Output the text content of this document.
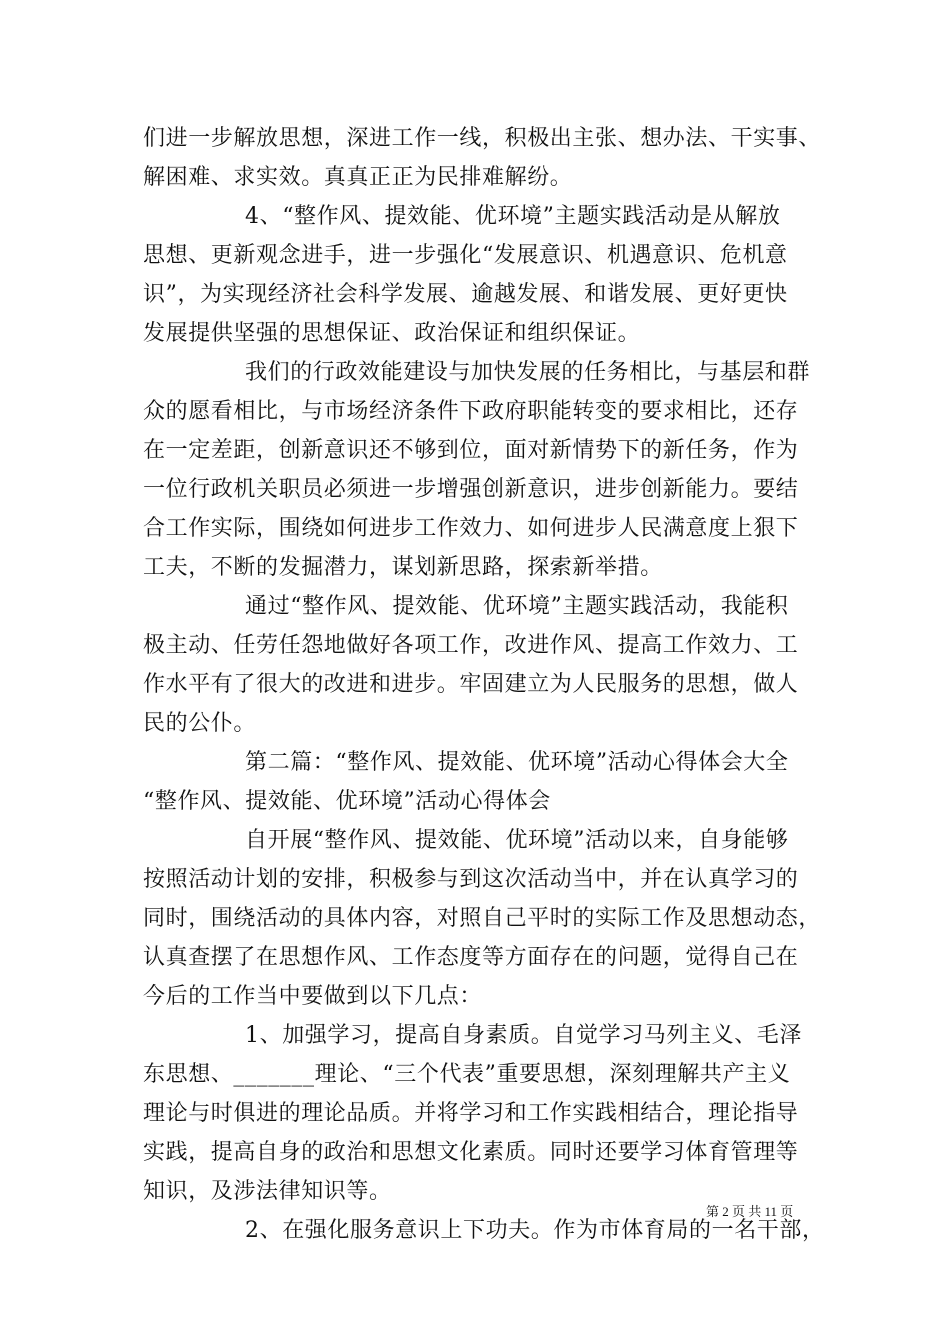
们进一步解放思想，深进工作一线，积极出主张、想办法、干实事、
解困难、求实效。真真正正为民排难解纷。
4、“整作风、提效能、优环境”主题实践活动是从解放
思想、更新观念进手，进一步强化“发展意识、机遇意识、危机意
识”，为实现经济社会科学发展、逾越发展、和谐发展、更好更快
发展提供坚强的思想保证、政治保证和组织保证。
我们的行政效能建设与加快发展的任务相比，与基层和群
众的愿看相比，与市场经济条件下政府职能转变的要求相比，还存
在一定差距，创新意识还不够到位，面对新情势下的新任务，作为
一位行政机关职员必须进一步增强创新意识，进步创新能力。要结
合工作实际，围绕如何进步工作效力、如何进步人民满意度上狠下
工夫，不断的发掘潜力，谋划新思路，探索新举措。
通过“整作风、提效能、优环境”主题实践活动，我能积
极主动、任劳任怨地做好各项工作，改进作风、提高工作效力、工
作水平有了很大的改进和进步。牢固建立为人民服务的思想，做人
民的公仆。
第二篇：“整作风、提效能、优环境”活动心得体会大全
“整作风、提效能、优环境”活动心得体会
自开展“整作风、提效能、优环境”活动以来，自身能够
按照活动计划的安排，积极参与到这次活动当中，并在认真学习的
同时，围绕活动的具体内容，对照自己平时的实际工作及思想动态，
认真查摆了在思想作风、工作态度等方面存在的问题，觉得自己在
今后的工作当中要做到以下几点：
1、加强学习，提高自身素质。自觉学习马列主义、毛泽
东思想、_______理论、“三个代表”重要思想，深刻理解共产主义
理论与时俱进的理论品质。并将学习和工作实践相结合，理论指导
实践，提高自身的政治和思想文化素质。同时还要学习体育管理等
知识，及涉法律知识等。
2、在强化服务意识上下功夫。作为市体育局的一名干部，
第 2 页 共 11 页
